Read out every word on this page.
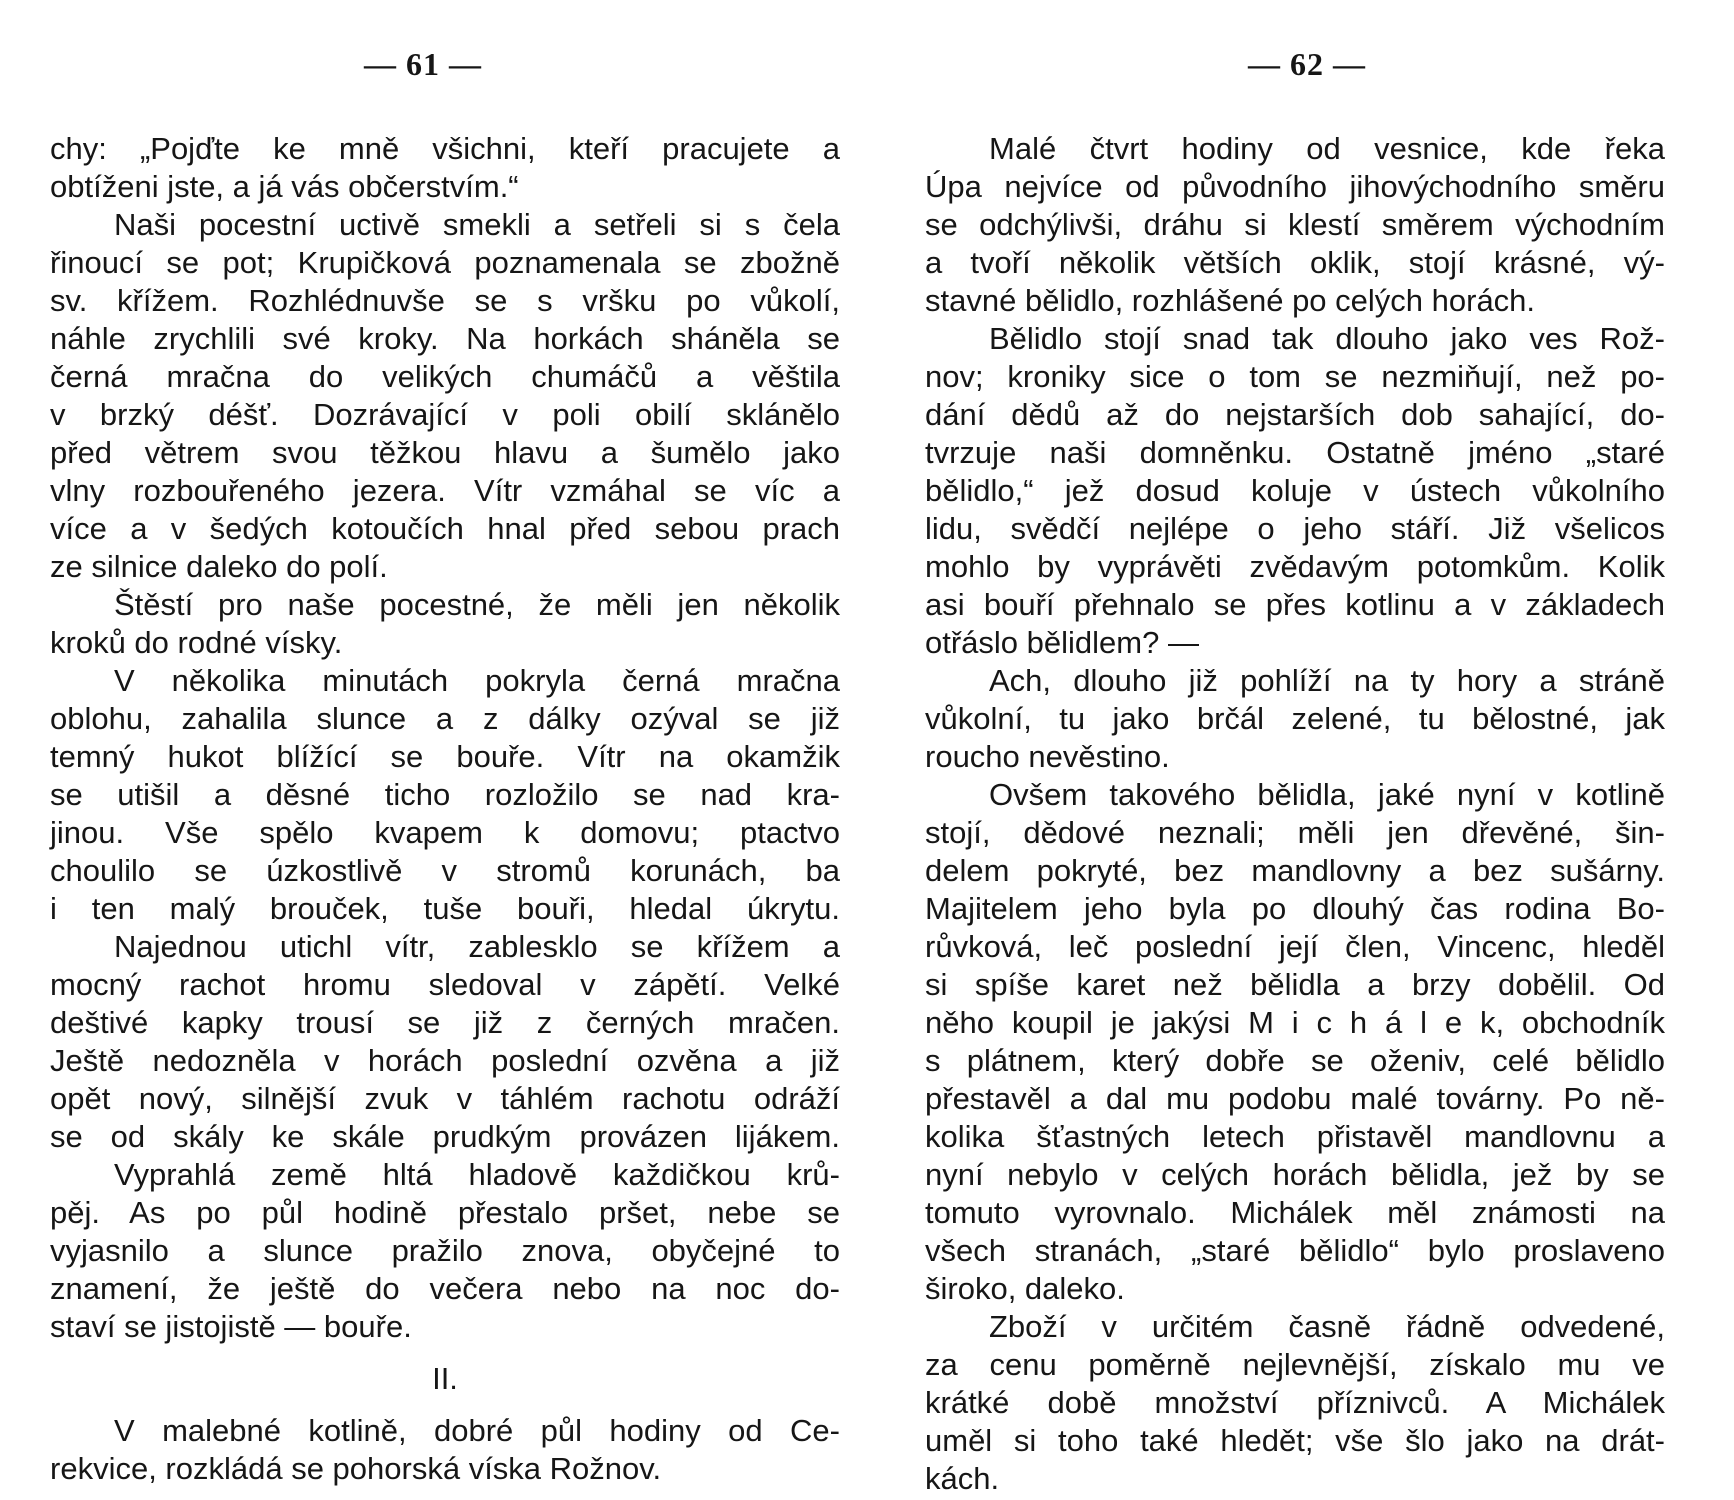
— 61 —
chy: „Pojďte ke mně všichni, kteří pracujete a
obtíženi jste, a já vás občerstvím.“
Naši pocestní uctivě smekli a setřeli si s čela
řinoucí se pot; Krupičková poznamenala se zbožně
sv. křížem. Rozhlédnuvše se s vršku po vůkolí,
náhle zrychlili své kroky. Na horkách sháněla se
černá mračna do velikých chumáčů a věštila
v brzký déšť. Dozrávající v poli obilí sklánělo
před větrem svou těžkou hlavu a šumělo jako
vlny rozbouřeného jezera. Vítr vzmáhal se víc a
více a v šedých kotoučích hnal před sebou prach
ze silnice daleko do polí.
Štěstí pro naše pocestné, že měli jen několik
kroků do rodné vísky.
V několika minutách pokryla černá mračna
oblohu, zahalila slunce a z dálky ozýval se již
temný hukot blížící se bouře. Vítr na okamžik
se utišil a děsné ticho rozložilo se nad kra-
jinou. Vše spělo kvapem k domovu; ptactvo
choulilo se úzkostlivě v stromů korunách, ba
i ten malý brouček, tuše bouři, hledal úkrytu.
Najednou utichl vítr, zablesklo se křížem a
mocný rachot hromu sledoval v zápětí. Velké
deštivé kapky trousí se již z černých mračen.
Ještě nedozněla v horách poslední ozvěna a již
opět nový, silnější zvuk v táhlém rachotu odráží
se od skály ke skále prudkým provázen lijákem.
Vyprahlá země hltá hladově každičkou krů-
pěj. As po půl hodině přestalo pršet, nebe se
vyjasnilo a slunce pražilo znova, obyčejné to
znamení, že ještě do večera nebo na noc do-
staví se jistojistě — bouře.
II.
V malebné kotlině, dobré půl hodiny od Ce-
rekvice, rozkládá se pohorská víska Rožnov.
— 62 —
Malé čtvrt hodiny od vesnice, kde řeka
Úpa nejvíce od původního jihovýchodního směru
se odchýlivši, dráhu si klestí směrem východním
a tvoří několik větších oklik, stojí krásné, vý-
stavné bělidlo, rozhlášené po celých horách.
Bělidlo stojí snad tak dlouho jako ves Rož-
nov; kroniky sice o tom se nezmiňují, než po-
dání dědů až do nejstarších dob sahající, do-
tvrzuje naši domněnku. Ostatně jméno „staré
bělidlo,“ jež dosud koluje v ústech vůkolního
lidu, svědčí nejlépe o jeho stáří. Již všelicos
mohlo by vyprávěti zvědavým potomkům. Kolik
asi bouří přehnalo se přes kotlinu a v základech
otřáslo bělidlem? —
Ach, dlouho již pohlíží na ty hory a stráně
vůkolní, tu jako brčál zelené, tu bělostné, jak
roucho nevěstino.
Ovšem takového bělidla, jaké nyní v kotlině
stojí, dědové neznali; měli jen dřevěné, šin-
delem pokryté, bez mandlovny a bez sušárny.
Majitelem jeho byla po dlouhý čas rodina Bo-
růvková, leč poslední její člen, Vincenc, hleděl
si spíše karet než bělidla a brzy dobělil. Od
něho koupil je jakýsi M i c h á l e k, obchodník
s plátnem, který dobře se oženiv, celé bělidlo
přestavěl a dal mu podobu malé továrny. Po ně-
kolika šťastných letech přistavěl mandlovnu a
nyní nebylo v celých horách bělidla, jež by se
tomuto vyrovnalo. Michálek měl známosti na
všech stranách, „staré bělidlo“ bylo proslaveno
široko, daleko.
Zboží v určitém časně řádně odvedené,
za cenu poměrně nejlevnější, získalo mu ve
krátké době množství příznivců. A Michálek
uměl si toho také hledět; vše šlo jako na drát-
kách.
